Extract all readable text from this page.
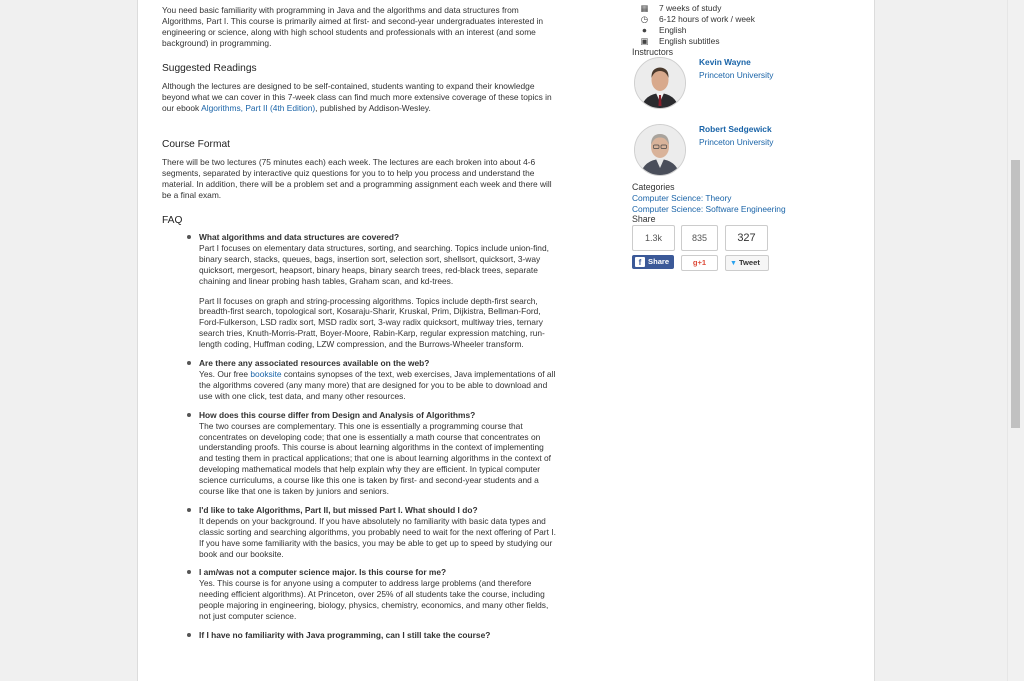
You need basic familiarity with programming in Java and the algorithms and data structures from Algorithms, Part I. This course is primarily aimed at first- and second-year undergraduates interested in engineering or science, along with high school students and professionals with an interest (and some background) in programming.

Suggested Readings

Although the lectures are designed to be self-contained, students wanting to expand their knowledge beyond what we can cover in this 7-week class can find much more extensive coverage of these topics in our ebook Algorithms, Part II (4th Edition), published by Addison-Wesley.

Course Format

There will be two lectures (75 minutes each) each week. The lectures are each broken into about 4-6 segments, separated by interactive quiz questions for you to to help you process and understand the material. In addition, there will be a problem set and a programming assignment each week and there will be a final exam.

FAQ
What algorithms and data structures are covered?
Part I focuses on elementary data structures, sorting, and searching. Topics include union-find, binary search, stacks, queues, bags, insertion sort, selection sort, shellsort, quicksort, 3-way quicksort, mergesort, heapsort, binary heaps, binary search trees, red-black trees, separate chaining and linear probing hash tables, Graham scan, and kd-trees.
Part II focuses on graph and string-processing algorithms. Topics include depth-first search, breadth-first search, topological sort, Kosaraju-Sharir, Kruskal, Prim, Dijkistra, Bellman-Ford, Ford-Fulkerson, LSD radix sort, MSD radix sort, 3-way radix quicksort, multiway tries, ternary search tries, Knuth-Morris-Pratt, Boyer-Moore, Rabin-Karp, regular expression matching, run-length coding, Huffman coding, LZW compression, and the Burrows-Wheeler transform.
Are there any associated resources available on the web?
Yes. Our free booksite contains synopses of the text, web exercises, Java implementations of all the algorithms covered (any many more) that are designed for you to be able to download and use with one click, test data, and many other resources.
How does this course differ from Design and Analysis of Algorithms?
The two courses are complementary. This one is essentially a programming course that concentrates on developing code; that one is essentially a math course that concentrates on understanding proofs. This course is about learning algorithms in the context of implementing and testing them in practical applications; that one is about learning algorithms in the context of developing mathematical models that help explain why they are efficient. In typical computer science curriculums, a course like this one is taken by first- and second-year students and a course like that one is taken by juniors and seniors.
I'd like to take Algorithms, Part II, but missed Part I. What should I do?
It depends on your background. If you have absolutely no familiarity with basic data types and classic sorting and searching algorithms, you probably need to wait for the next offering of Part I. If you have some familiarity with the basics, you may be able to get up to speed by studying our book and our booksite.
I am/was not a computer science major. Is this course for me?
Yes. This course is for anyone using a computer to address large problems (and therefore needing efficient algorithms). At Princeton, over 25% of all students take the course, including people majoring in engineering, biology, physics, chemistry, economics, and many other fields, not just computer science.
If I have no familiarity with Java programming, can I still take the course?
▦ 7 weeks of study
◷ 6-12 hours of work / week
●	English
▣ English subtitles
Instructors
Kevin Wayne
Princeton University
Robert Sedgewick
Princeton University
Categories
Computer Science: Theory
Computer Science: Software Engineering
Share
1.3k	835	327
f Share	g+1	▼ Tweet
